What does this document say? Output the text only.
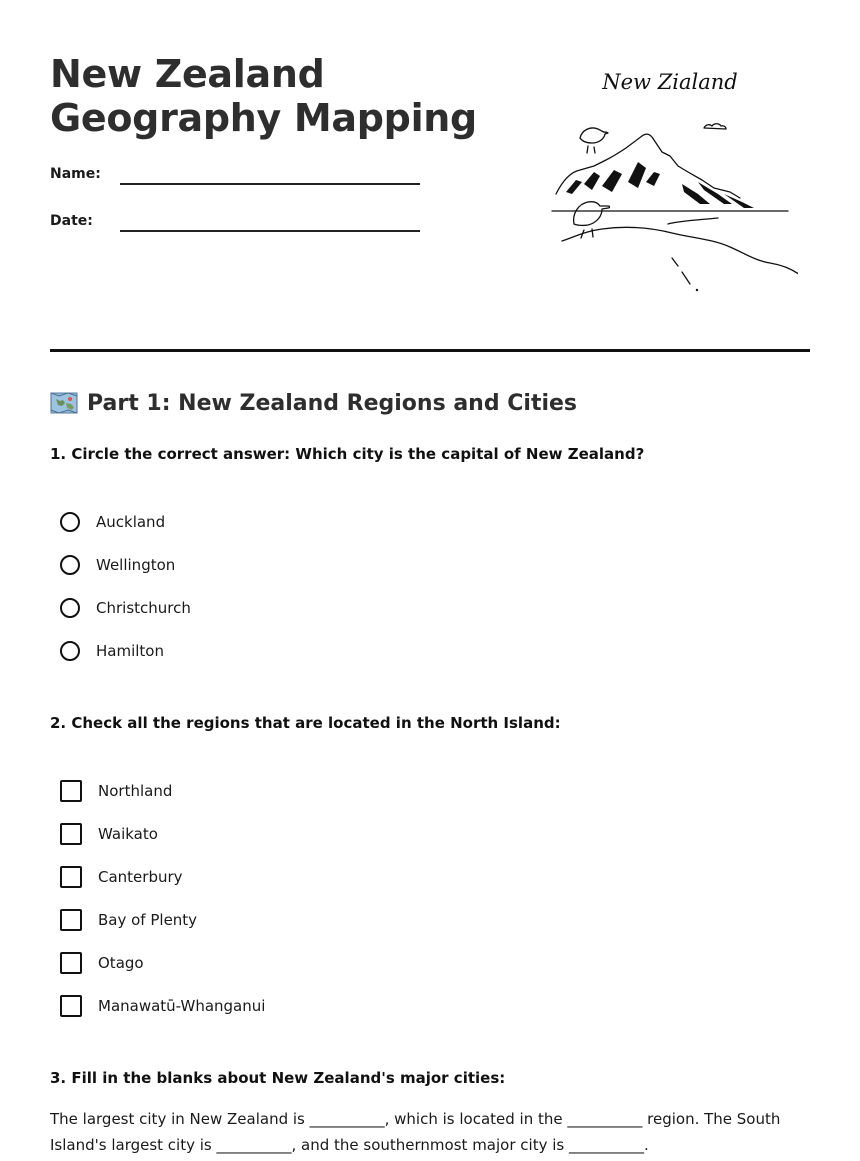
New Zealand
Geography Mapping
Name:
Date:
New Zialand
Part 1: New Zealand Regions and Cities
1. Circle the correct answer: Which city is the capital of New Zealand?
Auckland
Wellington
Christchurch
Hamilton
2. Check all the regions that are located in the North Island:
Northland
Waikato
Canterbury
Bay of Plenty
Otago
Manawatū-Whanganui
3. Fill in the blanks about New Zealand's major cities:

The largest city in New Zealand is __________, which is located in the __________ region. The South Island's largest city is __________, and the southernmost major city is __________.
